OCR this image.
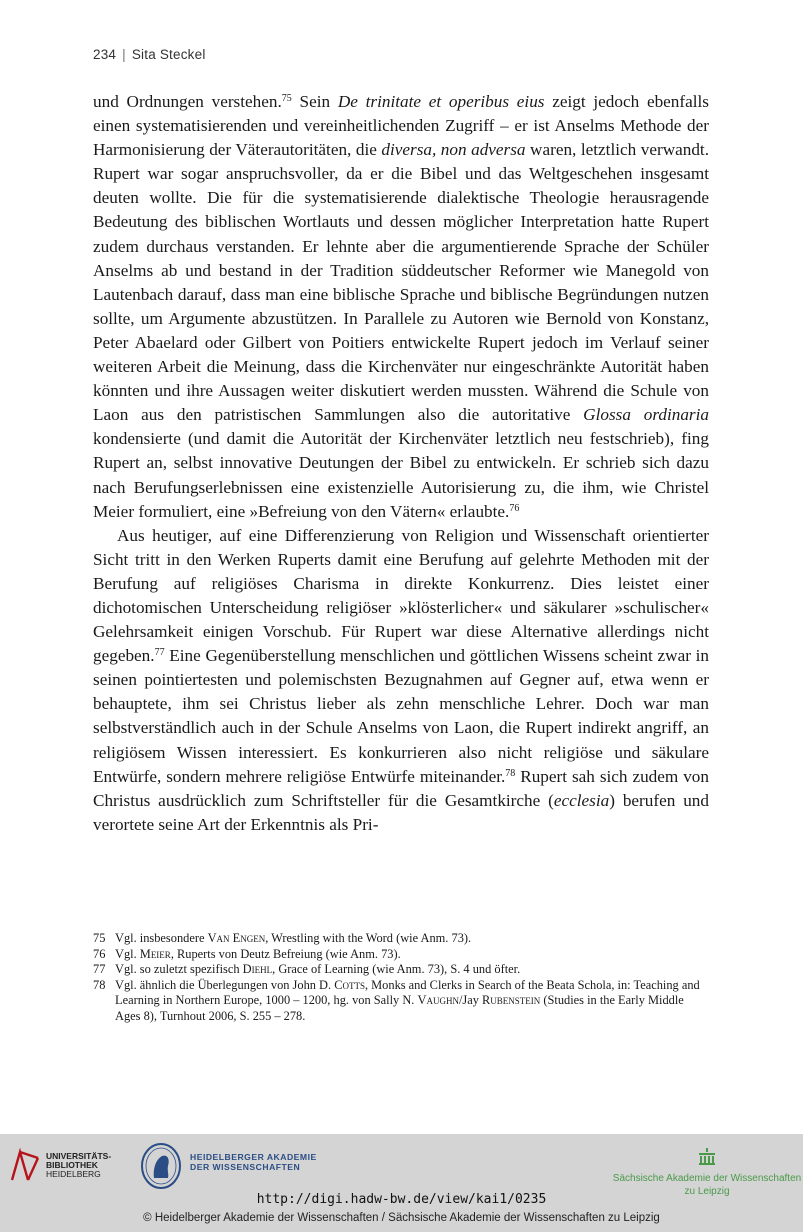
234 | Sita Steckel

und Ordnungen verstehen.$^{75}$ Sein De trinitate et operibus eius zeigt jedoch ebenfalls einen systematisierenden und vereinheitlichenden Zugriff – er ist Anselms Methode der Harmonisierung der Väterautoritäten, die diversa, non adversa waren, letztlich verwandt. Rupert war sogar anspruchsvoller, da er die Bibel und das Weltgeschehen insgesamt deuten wollte. Die für die systematisierende dialektische Theologie herausragende Bedeutung des biblischen Wortlauts und dessen möglicher Interpretation hatte Rupert zudem durchaus verstanden. Er lehnte aber die argumentierende Sprache der Schüler Anselms ab und bestand in der Tradition süddeutscher Reformer wie Manegold von Lautenbach darauf, dass man eine biblische Sprache und biblische Begründungen nutzen sollte, um Argumente abzustützen. In Parallele zu Autoren wie Bernold von Konstanz, Peter Abaelard oder Gilbert von Poitiers entwickelte Rupert jedoch im Verlauf seiner weiteren Arbeit die Meinung, dass die Kirchenväter nur eingeschränkte Autorität haben könnten und ihre Aussagen weiter diskutiert werden mussten. Während die Schule von Laon aus den patristischen Sammlungen also die autoritative Glossa ordinaria kondensierte (und damit die Autorität der Kirchenväter letztlich neu festschrieb), fing Rupert an, selbst innovative Deutungen der Bibel zu entwickeln. Er schrieb sich dazu nach Berufungserlebnissen eine existenzielle Autorisierung zu, die ihm, wie Christel Meier formuliert, eine »Befreiung von den Vätern« erlaubte.$^{76}$

Aus heutiger, auf eine Differenzierung von Religion und Wissenschaft orientierter Sicht tritt in den Werken Ruperts damit eine Berufung auf gelehrte Methoden mit der Berufung auf religiöses Charisma in direkte Konkurrenz. Dies leistet einer dichotomischen Unterscheidung religiöser »klösterlicher« und säkularer »schulischer« Gelehrsamkeit einigen Vorschub. Für Rupert war diese Alternative allerdings nicht gegeben.$^{77}$ Eine Gegenüberstellung menschlichen und göttlichen Wissens scheint zwar in seinen pointiertesten und polemischsten Bezugnahmen auf Gegner auf, etwa wenn er behauptete, ihm sei Christus lieber als zehn menschliche Lehrer. Doch war man selbstverständlich auch in der Schule Anselms von Laon, die Rupert indirekt angriff, an religiösem Wissen interessiert. Es konkurrieren also nicht religiöse und säkulare Entwürfe, sondern mehrere religiöse Entwürfe miteinander.$^{78}$ Rupert sah sich zudem von Christus ausdrücklich zum Schriftsteller für die Gesamtkirche (ecclesia) berufen und verortete seine Art der Erkenntnis als Pri-

75 Vgl. insbesondere Van Engen, Wrestling with the Word (wie Anm. 73).
76 Vgl. Meier, Ruperts von Deutz Befreiung (wie Anm. 73).
77 Vgl. so zuletzt spezifisch Diehl, Grace of Learning (wie Anm. 73), S. 4 und öfter.
78 Vgl. ähnlich die Überlegungen von John D. Cotts, Monks and Clerks in Search of the Beata Schola, in: Teaching and Learning in Northern Europe, 1000 – 1200, hg. von Sally N. Vaughn/Jay Rubenstein (Studies in the Early Middle Ages 8), Turnhout 2006, S. 255 – 278.
UNIVERSITÄTS-
BIBLIOTHEK
HEIDELBERG
HEIDELBERGER AKADEMIE
DER WISSENSCHAFTEN
Sächsische Akademie der Wissenschaften
zu Leipzig
http://digi.hadw-bw.de/view/kai1/0235
© Heidelberger Akademie der Wissenschaften / Sächsische Akademie der Wissenschaften zu Leipzig
